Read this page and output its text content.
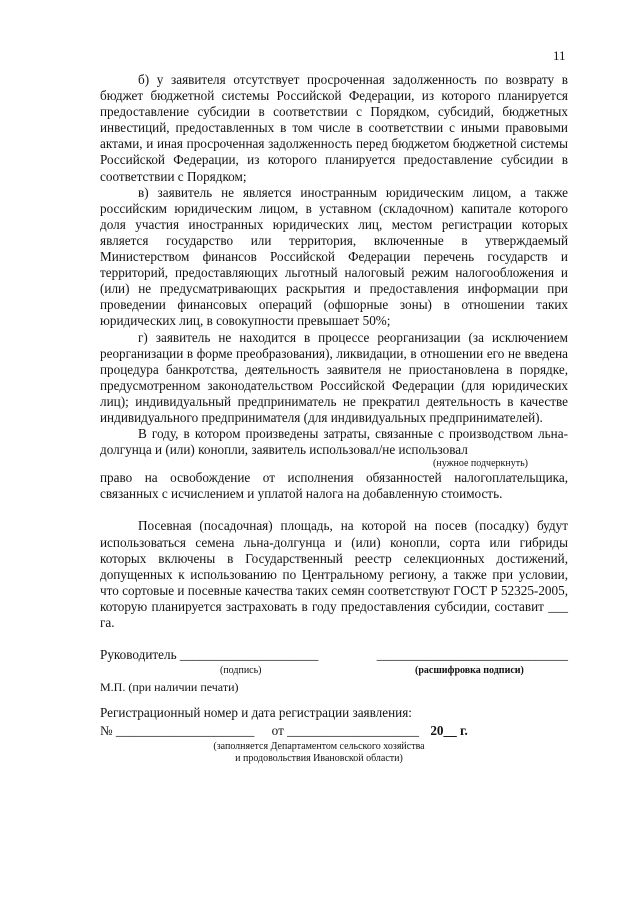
11

б) у заявителя отсутствует просроченная задолженность по возврату в бюджет бюджетной системы Российской Федерации, из которого планируется предоставление субсидии в соответствии с Порядком, субсидий, бюджетных инвестиций, предоставленных в том числе в соответствии с иными правовыми актами, и иная просроченная задолженность перед бюджетом бюджетной системы Российской Федерации, из которого планируется предоставление субсидии в соответствии с Порядком;

в) заявитель не является иностранным юридическим лицом, а также российским юридическим лицом, в уставном (складочном) капитале которого доля участия иностранных юридических лиц, местом регистрации которых является государство или территория, включенные в утверждаемый Министерством финансов Российской Федерации перечень государств и территорий, предоставляющих льготный налоговый режим налогообложения и (или) не предусматривающих раскрытия и предоставления информации при проведении финансовых операций (офшорные зоны) в отношении таких юридических лиц, в совокупности превышает 50%;

г) заявитель не находится в процессе реорганизации (за исключением реорганизации в форме преобразования), ликвидации, в отношении его не введена процедура банкротства, деятельность заявителя не приостановлена в порядке, предусмотренном законодательством Российской Федерации (для юридических лиц); индивидуальный предприниматель не прекратил деятельность в качестве индивидуального предпринимателя (для индивидуальных предпринимателей).

В году, в котором произведены затраты, связанные с производством льна-долгунца и (или) конопли, заявитель использовал/не использовал

(нужное подчеркнуть)

право на освобождение от исполнения обязанностей налогоплательщика, связанных с исчислением и уплатой налога на добавленную стоимость.

Посевная (посадочная) площадь, на которой на посев (посадку) будут использоваться семена льна-долгунца и (или) конопли, сорта или гибриды которых включены в Государственный реестр селекционных достижений, допущенных к использованию по Центральному региону, а также при условии, что сортовые и посевные качества таких семян соответствуют ГОСТ Р 52325-2005, которую планируется застраховать в году предоставления субсидии, составит ___ га.

Руководитель _____________________	_____________________________
(подпись)	(расшифровка подписи)
М.П. (при наличии печати)
Регистрационный номер и дата регистрации заявления:
№ _____________________ от ____________________ 20__ г.
(заполняется Департаментом сельского хозяйства
и продовольствия Ивановской области)
